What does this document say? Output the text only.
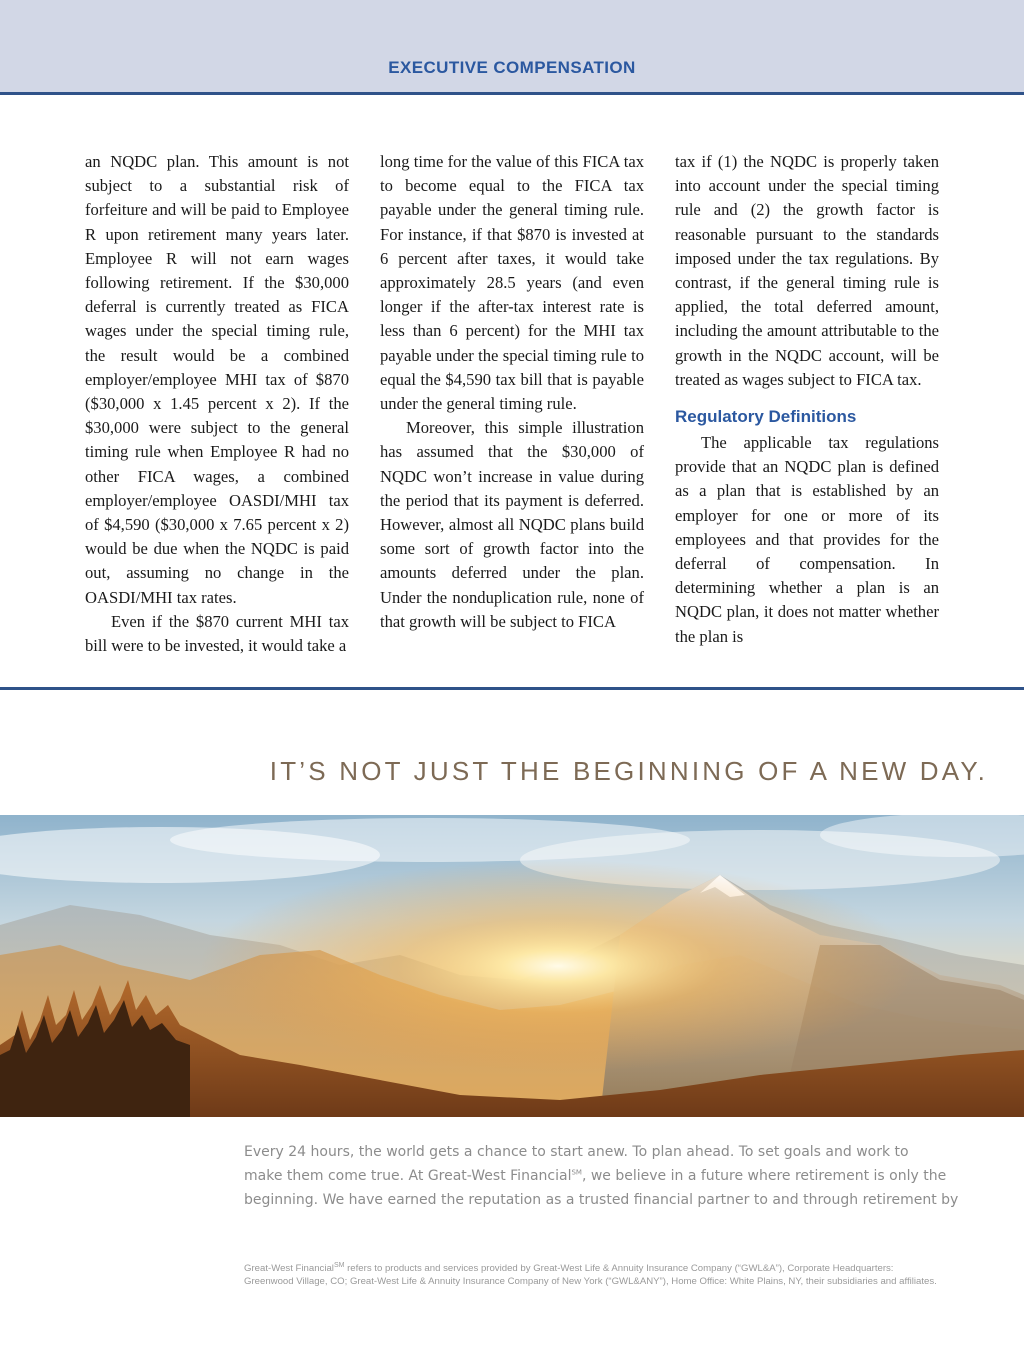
EXECUTIVE COMPENSATION

an NQDC plan. This amount is not subject to a substantial risk of forfeiture and will be paid to Employee R upon retirement many years later. Employee R will not earn wages following retirement. If the $30,000 deferral is currently treated as FICA wages under the special timing rule, the result would be a combined employer/employee MHI tax of $870 ($30,000 x 1.45 percent x 2). If the $30,000 were subject to the general timing rule when Employee R had no other FICA wages, a combined employer/employee OASDI/MHI tax of $4,590 ($30,000 x 7.65 percent x 2) would be due when the NQDC is paid out, assuming no change in the OASDI/MHI tax rates.

Even if the $870 current MHI tax bill were to be invested, it would take a

long time for the value of this FICA tax to become equal to the FICA tax payable under the general timing rule. For instance, if that $870 is invested at 6 percent after taxes, it would take approximately 28.5 years (and even longer if the after-tax interest rate is less than 6 percent) for the MHI tax payable under the special timing rule to equal the $4,590 tax bill that is payable under the general timing rule.

Moreover, this simple illustration has assumed that the $30,000 of NQDC won’t increase in value during the period that its payment is deferred. However, almost all NQDC plans build some sort of growth factor into the amounts deferred under the plan. Under the nonduplication rule, none of that growth will be subject to FICA

tax if (1) the NQDC is properly taken into account under the special timing rule and (2) the growth factor is reasonable pursuant to the standards imposed under the tax regulations. By contrast, if the general timing rule is applied, the total deferred amount, including the amount attributable to the growth in the NQDC account, will be treated as wages subject to FICA tax.

Regulatory Definitions

The applicable tax regulations provide that an NQDC plan is defined as a plan that is established by an employer for one or more of its employees and that provides for the deferral of compensation. In determining whether a plan is an NQDC plan, it does not matter whether the plan is

IT’S NOT JUST THE BEGINNING OF A NEW DAY.
Every 24 hours, the world gets a chance to start anew. To plan ahead. To set goals and work to
make them come true. At Great-West Financial℠, we believe in a future where retirement is only the
beginning. We have earned the reputation as a trusted financial partner to and through retirement by
Great-West Financial℠ refers to products and services provided by Great-West Life & Annuity Insurance Company (“GWL&A”), Corporate Headquarters:
Greenwood Village, CO; Great-West Life & Annuity Insurance Company of New York (“GWL&ANY”), Home Office: White Plains, NY, their subsidiaries and affiliates.
